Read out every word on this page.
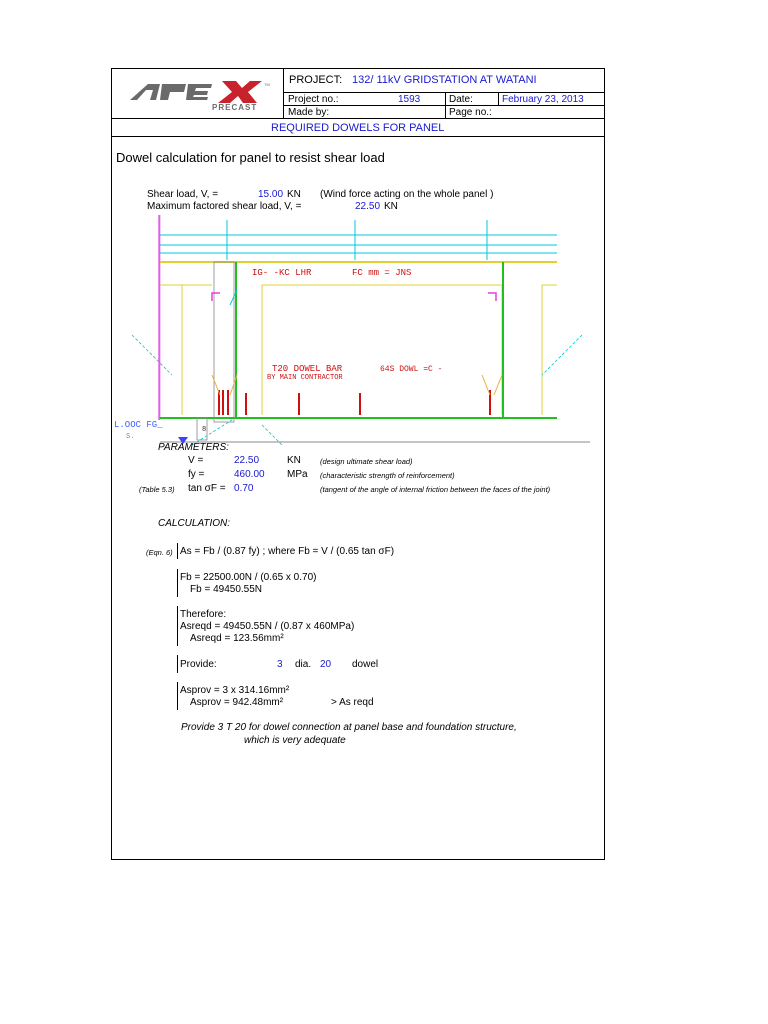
PRECAST
TM PROJECT: 132/ 11kV GRIDSTATION AT WATANI
Project no.:	1593	Date:	February 23, 2013
Made by:	Page no.:
REQUIRED DOWELS FOR PANEL
Dowel calculation for panel to resist shear load
Shear load, V, =	15.00 KN (Wind force acting on the whole panel )
Maximum factored shear load, V, =	22.50 KN
IG- -KC LHR	FC mm = JNS
T20 DOWEL BAR
BY MAIN CONTRACTOR
64S DOWL =C -
L.OOC FG_
S.
8
PARAMETERS:
V =	22.50	KN	(design ultimate shear load)
fy =	460.00 MPa (characteristic strength of reinforcement)
(Table 5.3) tan σF = 0.70	(tangent of the angle of internal friction between the faces of the joint)
CALCULATION:
(Eqn. 6) As = Fb / (0.87 fy) ; where Fb = V / (0.65 tan σF)
Fb = 22500.00N / (0.65 x 0.70)
Fb = 49450.55N
Therefore:
Asreqd = 49450.55N / (0.87 x 460MPa)
Asreqd = 123.56mm²
Provide:	3 dia. 20 dowel
Asprov = 3 x 314.16mm²
Asprov = 942.48mm²	> As reqd
Provide 3 T 20 for dowel connection at panel base and foundation structure,
which is very adequate
